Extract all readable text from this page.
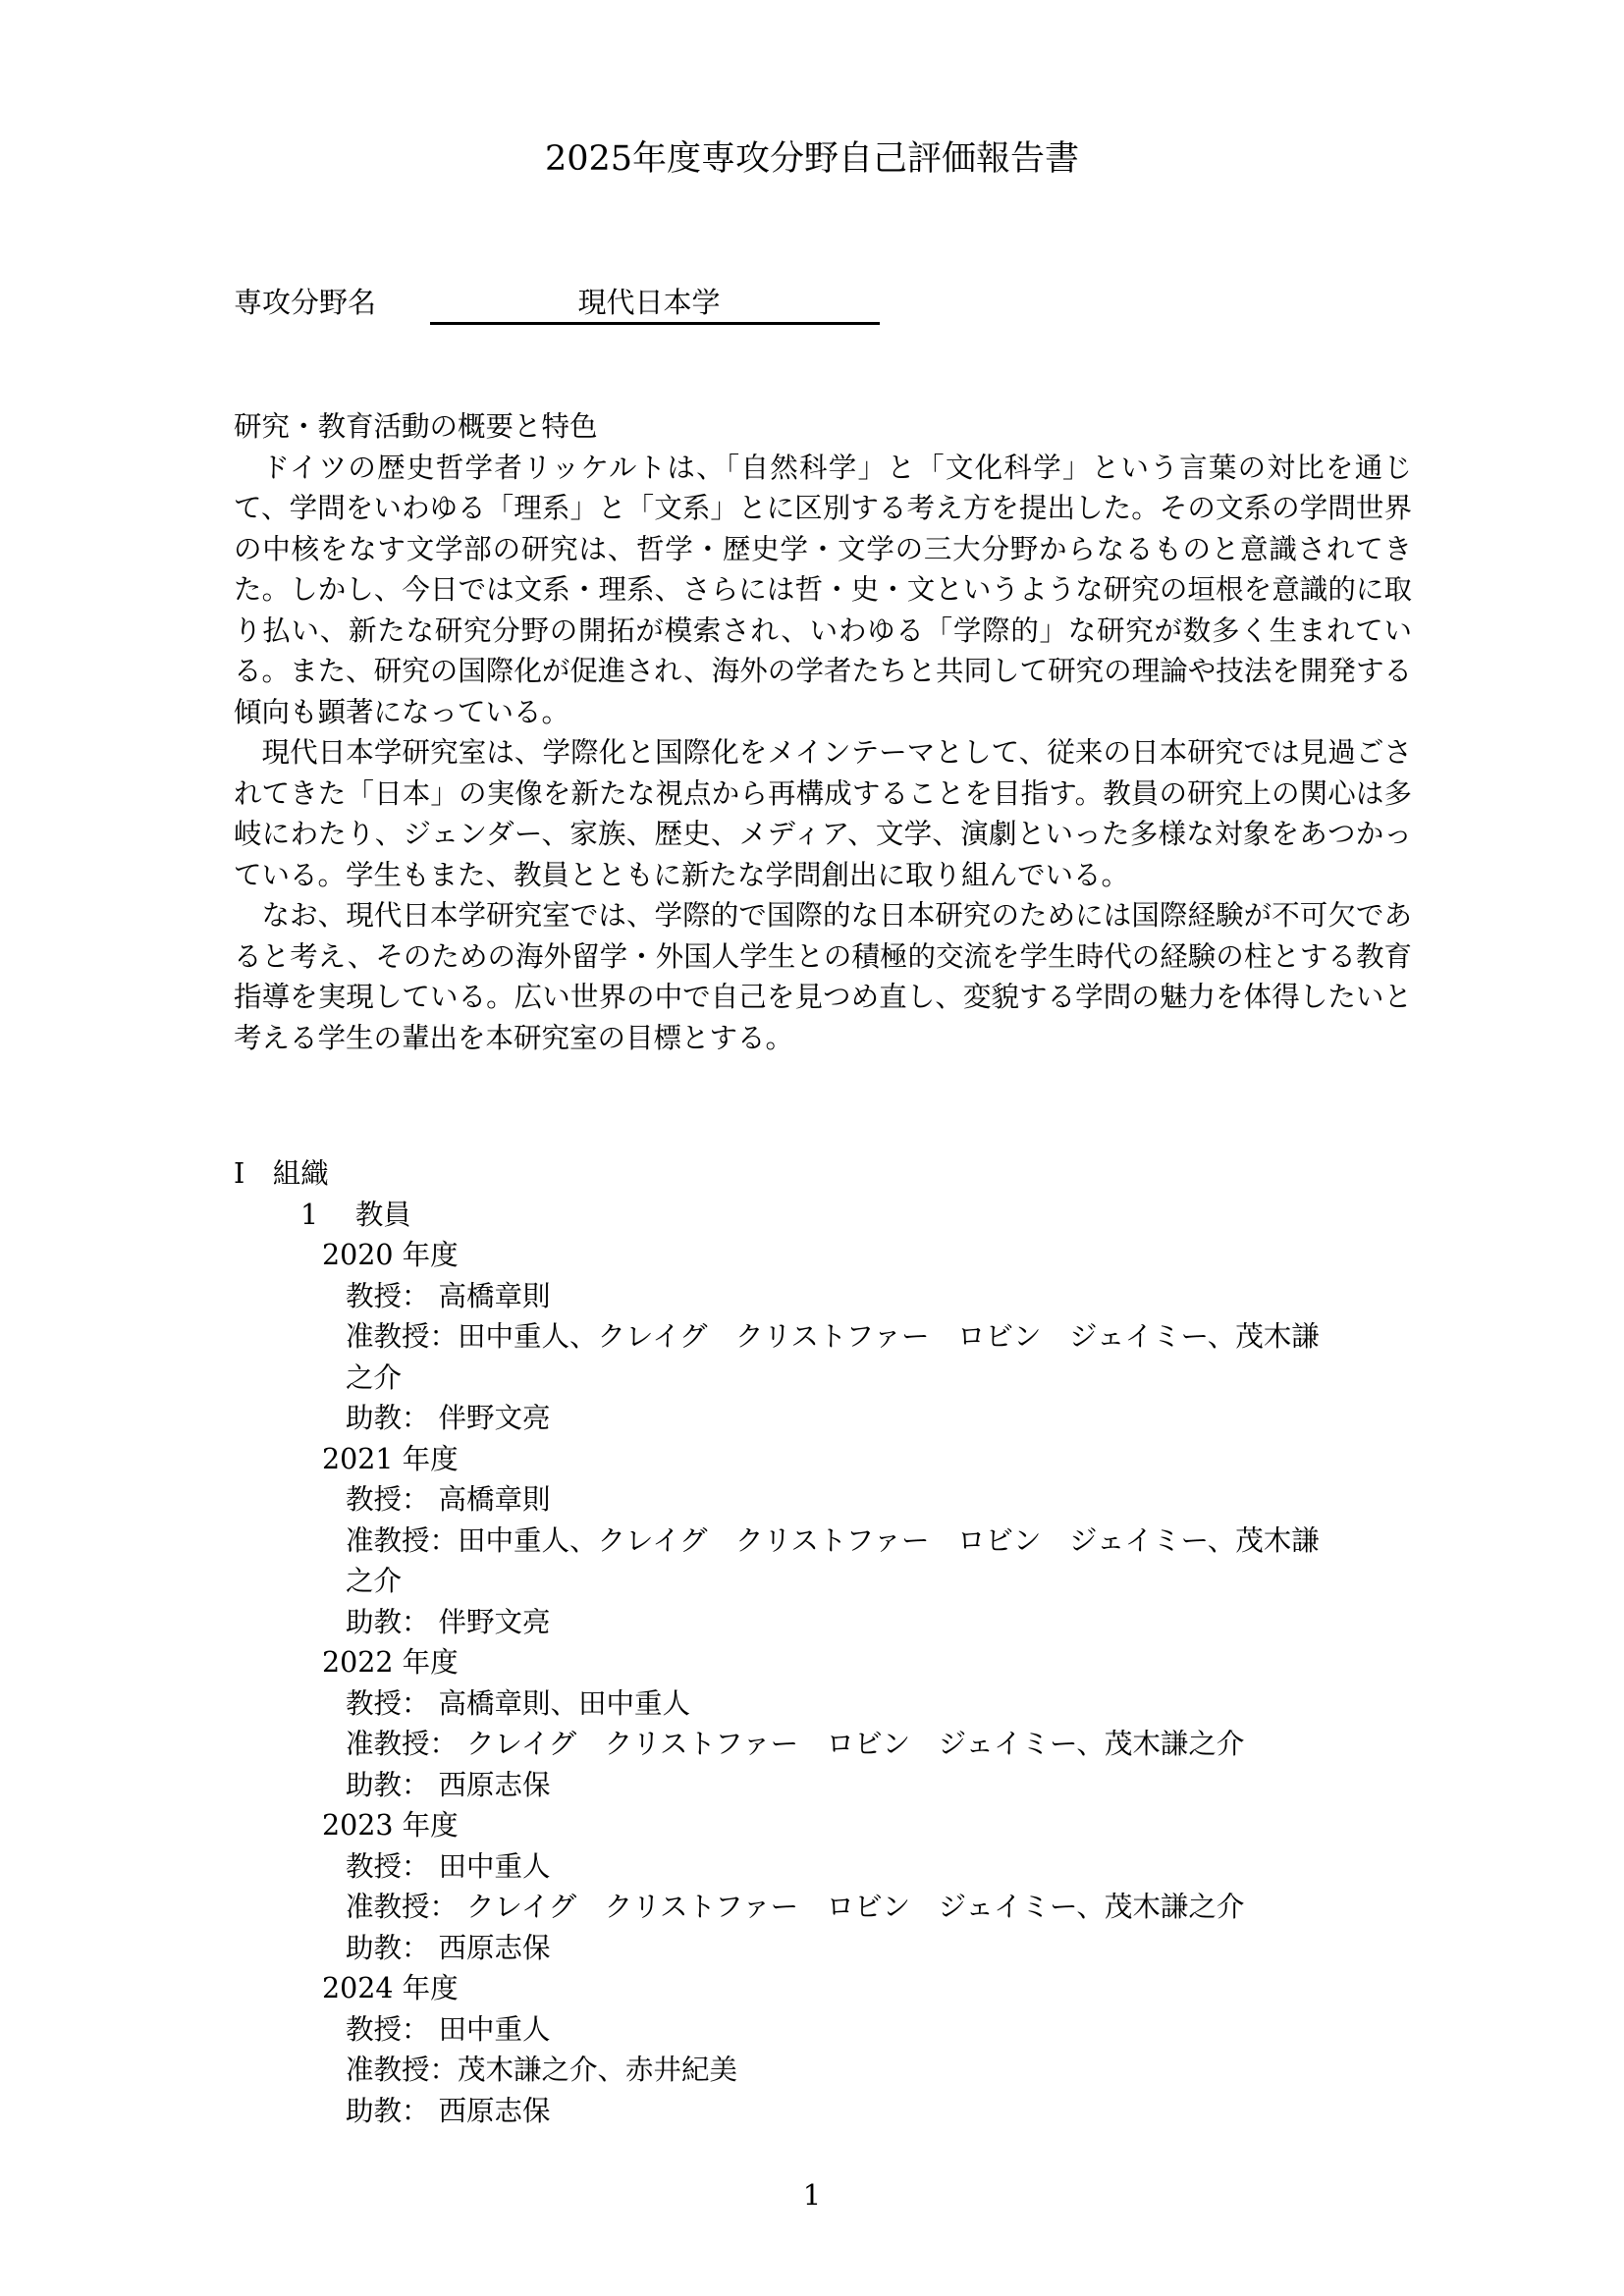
2025年度専攻分野自己評価報告書
専攻分野名	現代日本学
研究・教育活動の概要と特色

ドイツの歴史哲学者リッケルトは、「自然科学」と「文化科学」という言葉の対比を通じて、学問をいわゆる「理系」と「文系」とに区別する考え方を提出した。その文系の学問世界の中核をなす文学部の研究は、哲学・歴史学・文学の三大分野からなるものと意識されてきた。しかし、今日では文系・理系、さらには哲・史・文というような研究の垣根を意識的に取り払い、新たな研究分野の開拓が模索され、いわゆる「学際的」な研究が数多く生まれている。また、研究の国際化が促進され、海外の学者たちと共同して研究の理論や技法を開発する傾向も顕著になっている。

現代日本学研究室は、学際化と国際化をメインテーマとして、従来の日本研究では見過ごされてきた「日本」の実像を新たな視点から再構成することを目指す。教員の研究上の関心は多岐にわたり、ジェンダー、家族、歴史、メディア、文学、演劇といった多様な対象をあつかっている。学生もまた、教員とともに新たな学問創出に取り組んでいる。

なお、現代日本学研究室では、学際的で国際的な日本研究のためには国際経験が不可欠であると考え、そのための海外留学・外国人学生との積極的交流を学生時代の経験の柱とする教育指導を実現している。広い世界の中で自己を見つめ直し、変貌する学問の魅力を体得したいと考える学生の輩出を本研究室の目標とする。

I　組織
1　 教員
2020 年度
教授： 高橋章則
准教授：田中重人、クレイグ　クリストファー　ロビン　ジェイミー、茂木謙之介
助教： 伴野文亮
2021 年度
教授： 高橋章則
准教授：田中重人、クレイグ　クリストファー　ロビン　ジェイミー、茂木謙之介
助教： 伴野文亮
2022 年度
教授： 高橋章則、田中重人
准教授： クレイグ　クリストファー　ロビン　ジェイミー、茂木謙之介
助教： 西原志保
2023 年度
教授： 田中重人
准教授： クレイグ　クリストファー　ロビン　ジェイミー、茂木謙之介
助教： 西原志保
2024 年度
教授： 田中重人
准教授：茂木謙之介、赤井紀美
助教： 西原志保
1
